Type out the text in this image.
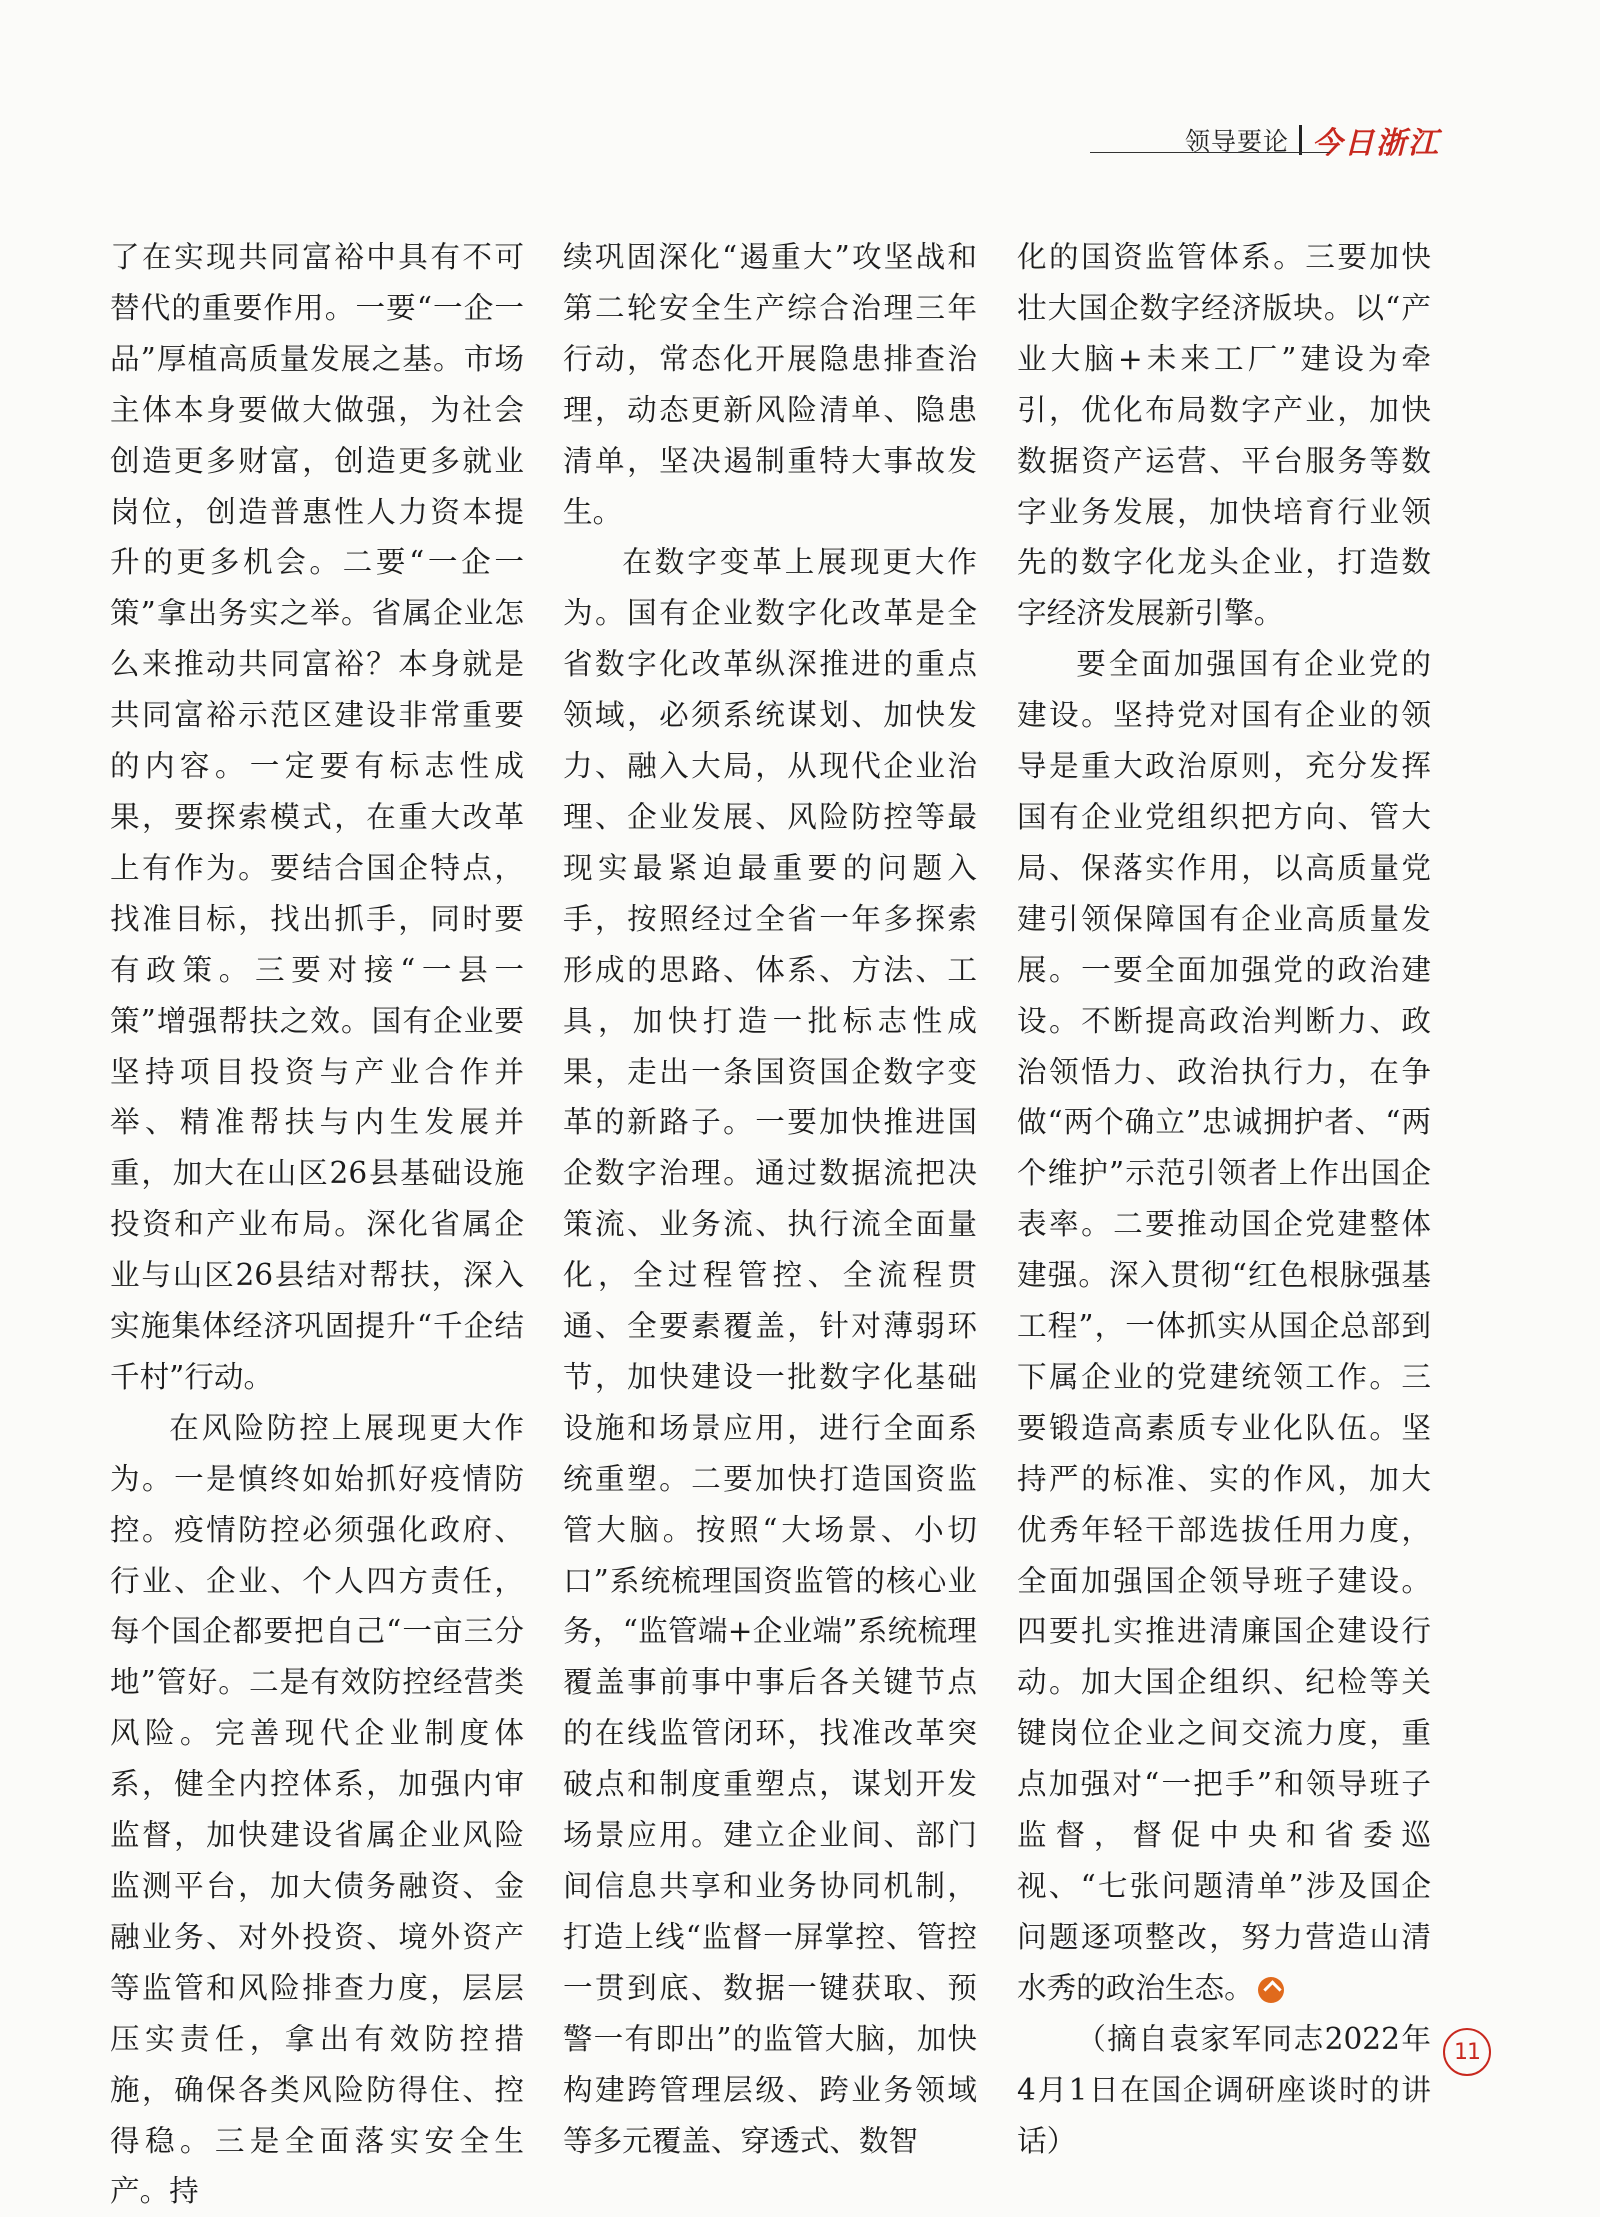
领导要论 今日浙江

了在实现共同富裕中具有不可替代的重要作用。一要“一企一品”厚植高质量发展之基。市场主体本身要做大做强，为社会创造更多财富，创造更多就业岗位，创造普惠性人力资本提升的更多机会。二要“一企一策”拿出务实之举。省属企业怎么来推动共同富裕？本身就是共同富裕示范区建设非常重要的内容。一定要有标志性成果，要探索模式，在重大改革上有作为。要结合国企特点，找准目标，找出抓手，同时要有政策。三要对接“一县一策”增强帮扶之效。国有企业要坚持项目投资与产业合作并举、精准帮扶与内生发展并重，加大在山区26县基础设施投资和产业布局。深化省属企业与山区26县结对帮扶，深入实施集体经济巩固提升“千企结千村”行动。

在风险防控上展现更大作为。一是慎终如始抓好疫情防控。疫情防控必须强化政府、行业、企业、个人四方责任，每个国企都要把自己“一亩三分地”管好。二是有效防控经营类风险。完善现代企业制度体系，健全内控体系，加强内审监督，加快建设省属企业风险监测平台，加大债务融资、金融业务、对外投资、境外资产等监管和风险排查力度，层层压实责任，拿出有效防控措施，确保各类风险防得住、控得稳。三是全面落实安全生产。持

续巩固深化“遏重大”攻坚战和第二轮安全生产综合治理三年行动，常态化开展隐患排查治理，动态更新风险清单、隐患清单，坚决遏制重特大事故发生。

在数字变革上展现更大作为。国有企业数字化改革是全省数字化改革纵深推进的重点领域，必须系统谋划、加快发力、融入大局，从现代企业治理、企业发展、风险防控等最现实最紧迫最重要的问题入手，按照经过全省一年多探索形成的思路、体系、方法、工具，加快打造一批标志性成果，走出一条国资国企数字变革的新路子。一要加快推进国企数字治理。通过数据流把决策流、业务流、执行流全面量化，全过程管控、全流程贯通、全要素覆盖，针对薄弱环节，加快建设一批数字化基础设施和场景应用，进行全面系统重塑。二要加快打造国资监管大脑。按照“大场景、小切口”系统梳理国资监管的核心业务，“监管端+企业端”系统梳理覆盖事前事中事后各关键节点的在线监管闭环，找准改革突破点和制度重塑点，谋划开发场景应用。建立企业间、部门间信息共享和业务协同机制，打造上线“监督一屏掌控、管控一贯到底、数据一键获取、预警一有即出”的监管大脑，加快构建跨管理层级、跨业务领域等多元覆盖、穿透式、数智

化的国资监管体系。三要加快壮大国企数字经济版块。以“产业大脑+未来工厂”建设为牵引，优化布局数字产业，加快数据资产运营、平台服务等数字业务发展，加快培育行业领先的数字化龙头企业，打造数字经济发展新引擎。

要全面加强国有企业党的建设。坚持党对国有企业的领导是重大政治原则，充分发挥国有企业党组织把方向、管大局、保落实作用，以高质量党建引领保障国有企业高质量发展。一要全面加强党的政治建设。不断提高政治判断力、政治领悟力、政治执行力，在争做“两个确立”忠诚拥护者、“两个维护”示范引领者上作出国企表率。二要推动国企党建整体建强。深入贯彻“红色根脉强基工程”，一体抓实从国企总部到下属企业的党建统领工作。三要锻造高素质专业化队伍。坚持严的标准、实的作风，加大优秀年轻干部选拔任用力度，全面加强国企领导班子建设。四要扎实推进清廉国企建设行动。加大国企组织、纪检等关键岗位企业之间交流力度，重点加强对“一把手”和领导班子监督，督促中央和省委巡视、“七张问题清单”涉及国企问题逐项整改，努力营造山清水秀的政治生态。

（摘自袁家军同志2022年4月1日在国企调研座谈时的讲话）

11
